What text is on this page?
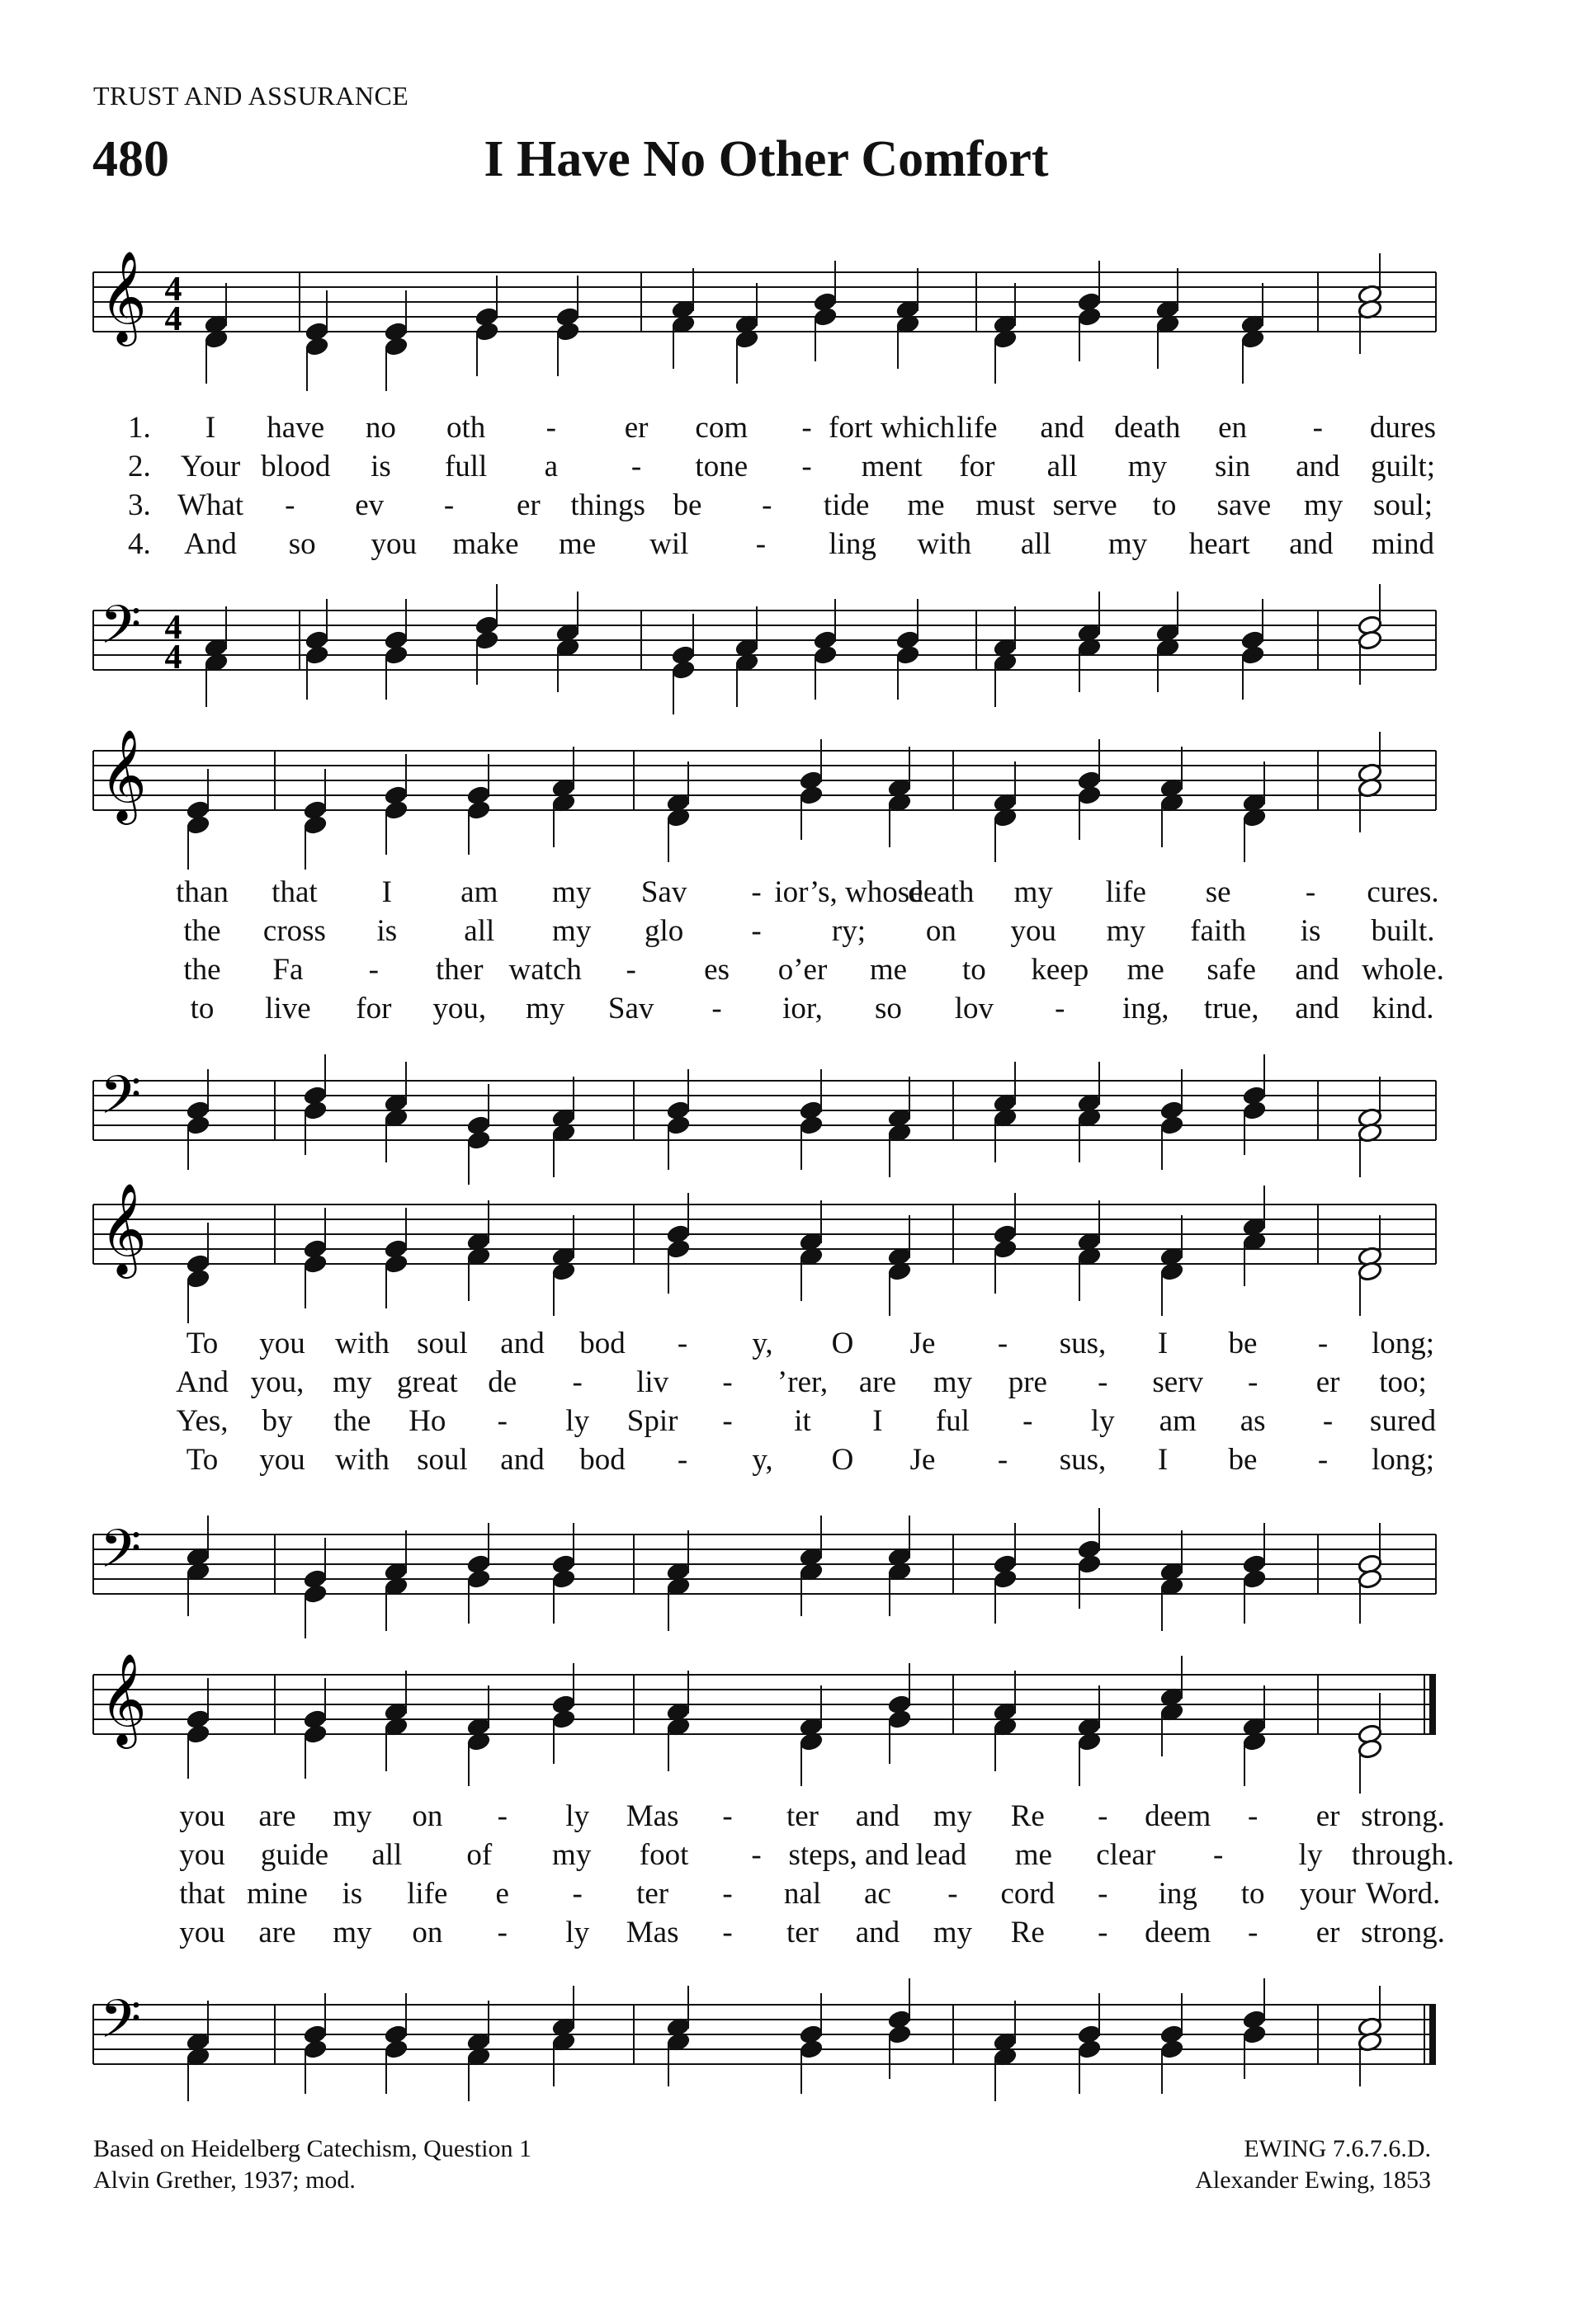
TRUST AND ASSURANCE
480	I Have No Other Comfort
𝄞
𝄢
4
4
4
4
𝄞
𝄢
𝄞
𝄢
𝄞
𝄢
1. I have no oth - er com - fort which life and death en - dures
2. Your blood is full a - tone - ment for all my sin and guilt;
3. What - ev - er things be - tide me must serve to save my soul;
4. And so you make me wil - ling with all my heart and mind
than that I am my Sav - ior’s, whose
death my life se - cures.
the cross is all my glo - ry; on you my faith is built.
the Fa - ther watch - es o’er me to keep me safe and whole.
to live for you, my Sav - ior, so lov - ing, true, and kind.
To you with soul and bod - y, O Je - sus, I be - long;
And you, my great de - liv - ’rer, are my pre - serv - er too;
Yes, by the Ho - ly Spir - it I ful - ly am as - sured
To you with soul and bod - y, O Je - sus, I be - long;
you are my on - ly Mas - ter and my Re - deem - er strong.
you guide all of my foot - steps, and lead me clear - ly through.
that mine is life e - ter - nal ac - cord - ing to your Word.
you are my on - ly Mas - ter and my Re - deem - er strong.
Based on Heidelberg Catechism, Question 1
Alvin Grether, 1937; mod.
EWING 7.6.7.6.D.
Alexander Ewing, 1853
